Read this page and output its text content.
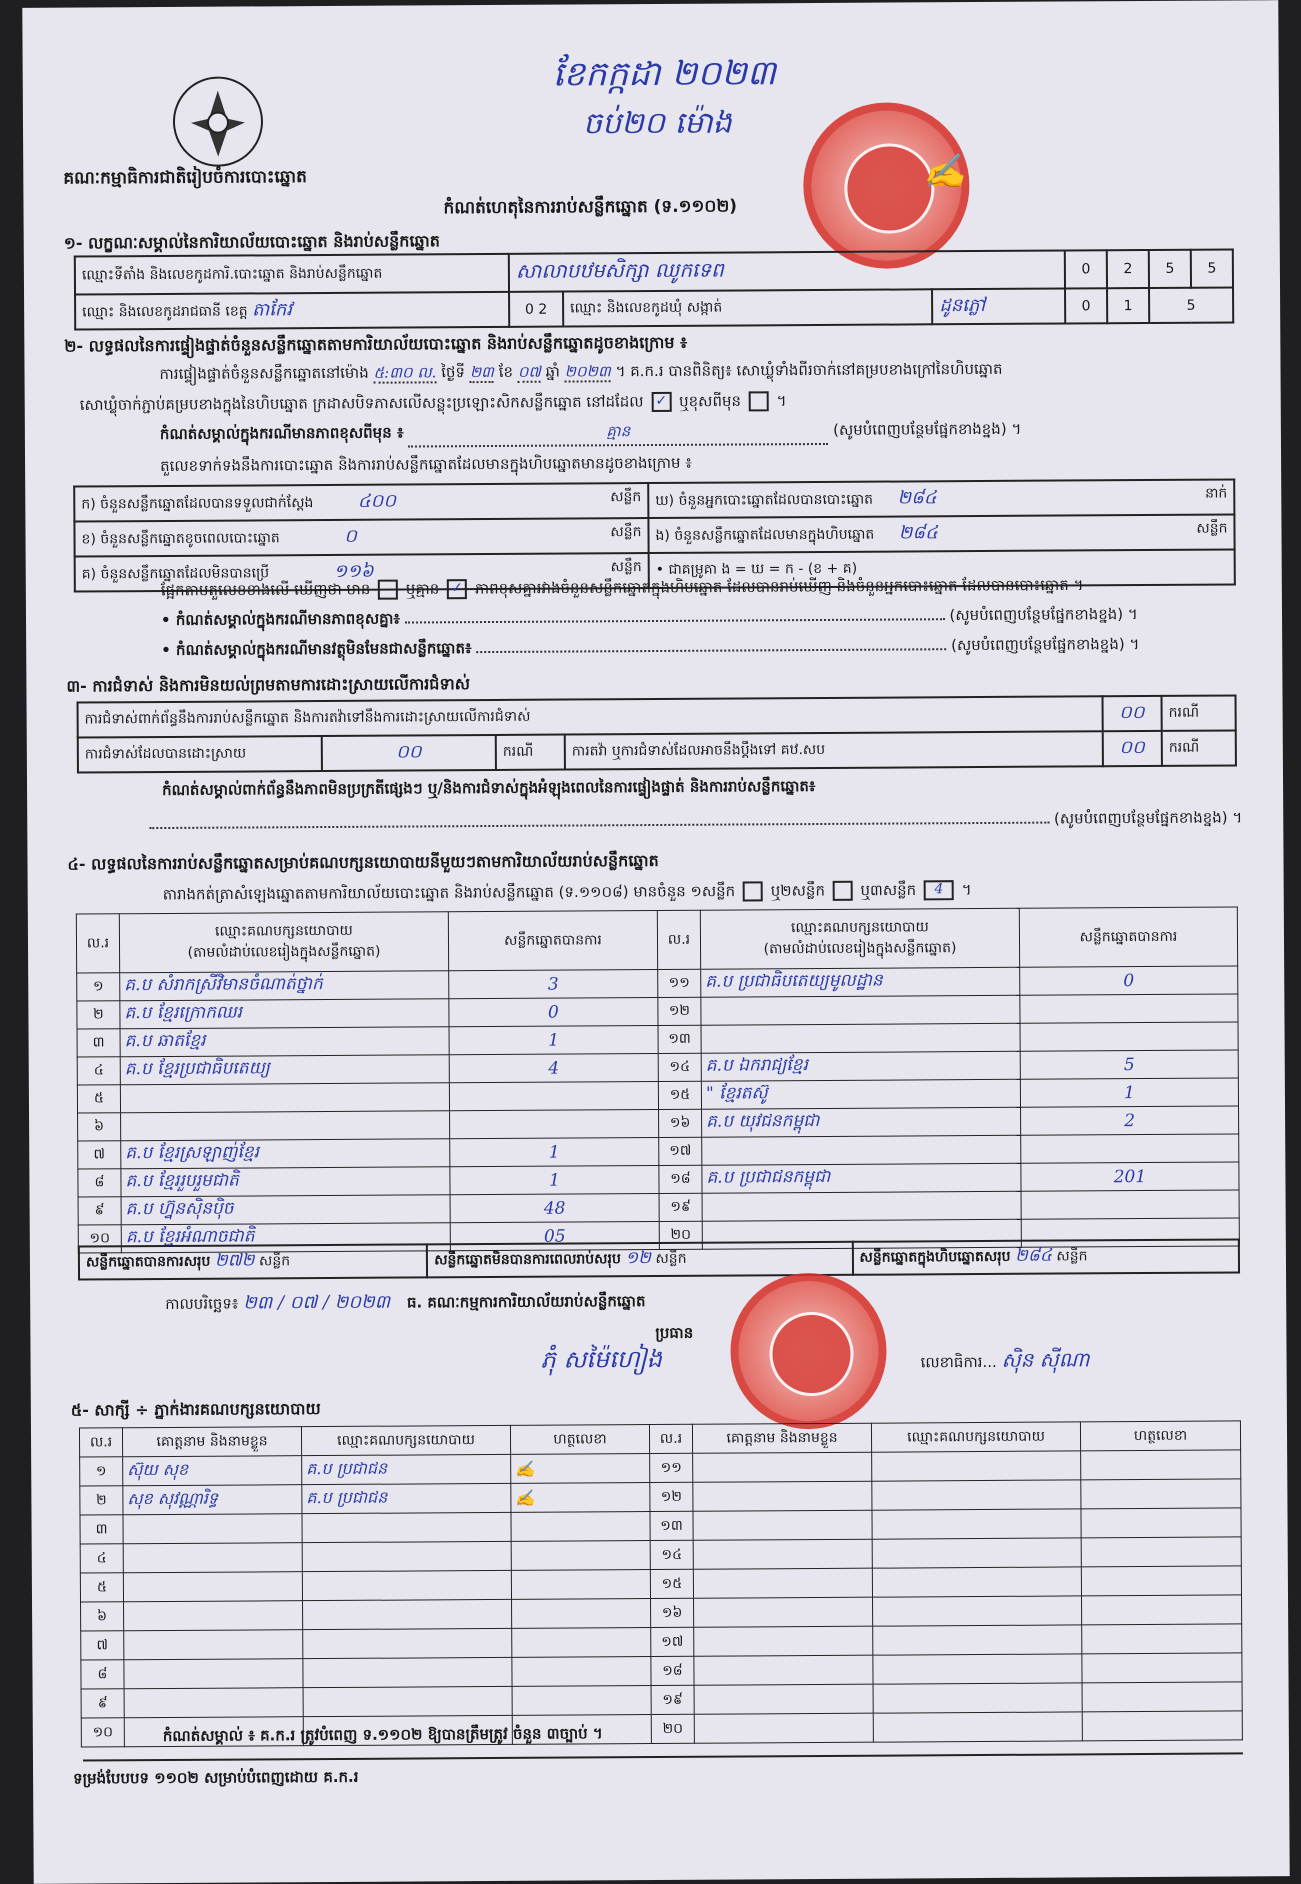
គណៈកម្មាធិការជាតិរៀបចំការបោះឆ្នោត
ខែកក្កដា ២០២៣
ចប់២០ ម៉ោង
✍
កំណត់ហេតុនៃការរាប់សន្លឹកឆ្នោត (ទ.១១០២)
១- លក្ខណៈសម្គាល់នៃការិយាល័យបោះឆ្នោត និងរាប់សន្លឹកឆ្នោត
ឈ្មោះទីតាំង និងលេខកូដការិ.បោះឆ្នោត និងរាប់សន្លឹកឆ្នោត	សាលាបឋមសិក្សា ឈូកទេព			0	2	5	5
ឈ្មោះ និងលេខកូដរាជធានី ខេត្ត តាកែវ	0 2	ឈ្មោះ និងលេខកូដឃុំ សង្កាត់	ដូនភ្លៅ	0	1	5	
២- លទ្ធផលនៃការផ្ទៀងផ្ទាត់ចំនួនសន្លឹកឆ្នោតតាមការិយាល័យបោះឆ្នោត និងរាប់សន្លឹកឆ្នោតដូចខាងក្រោម ៖
ការផ្ទៀងផ្ទាត់ចំនួនសន្លឹកឆ្នោតនៅម៉ោង ៥:៣០ ល. ថ្ងៃទី ២៣ ខែ ០៧ ឆ្នាំ ២០២៣ ។ គ.ក.រ បានពិនិត្យ៖ សោឃ្លុំទាំងពីរចាក់នៅគម្របខាងក្រៅនៃហិបឆ្នោត
សោឃ្លុំចាក់ភ្ជាប់គម្របខាងក្នុងនៃហិបឆ្នោត ក្រដាសបិទភាសលើសន្លុះប្រឡោះសិកសន្លឹកឆ្នោត នៅដដែល ✓ ឬខុសពីមុន  ។
កំណត់សម្គាល់ក្នុងករណីមានភាពខុសពីមុន ៖	គ្មាន	(សូមបំពេញបន្ថែមផ្នែកខាងខ្នង) ។
តួលេខទាក់ទងនឹងការបោះឆ្នោត និងការរាប់សន្លឹកឆ្នោតដែលមានក្នុងហិបឆ្នោតមានដូចខាងក្រោម ៖
ក) ចំនួនសន្លឹកឆ្នោតដែលបានទទួលជាក់ស្តែង ៤០០ សន្លឹក	ឃ) ចំនួនអ្នកបោះឆ្នោតដែលបានបោះឆ្នោត ២៨៤ នាក់

ខ) ចំនួនសន្លឹកឆ្នោតខូចពេលបោះឆ្នោត ០ សន្លឹក	ង) ចំនួនសន្លឹកឆ្នោតដែលមានក្នុងហិបឆ្នោត ២៨៤ សន្លឹក

គ) ចំនួនសន្លឹកឆ្នោតដែលមិនបានប្រើ ១១៦ សន្លឹក	• ជាគម្រូគា ង = ឃ = ក - (ខ + គ)
ផ្អែកតាមតួលេខខាងលើ ឃើញថា មាន ឬគ្មាន ✓ ភាពខុសគ្នារវាងចំនួនសន្លឹកឆ្នោតក្នុងហិបឆ្នោត ដែលបានរាប់ឃើញ និងចំនួនអ្នកបោះឆ្នោត ដែលបានបោះឆ្នោត ។
• កំណត់សម្គាល់ក្នុងករណីមានភាពខុសគ្នា៖	(សូមបំពេញបន្ថែមផ្នែកខាងខ្នង) ។
• កំណត់សម្គាល់ក្នុងករណីមានវត្ថុមិនមែនជាសន្លឹកឆ្នោត៖	(សូមបំពេញបន្ថែមផ្នែកខាងខ្នង) ។
៣- ការជំទាស់ និងការមិនយល់ព្រមតាមការដោះស្រាយលើការជំទាស់
ការជំទាស់ពាក់ព័ន្ធនឹងការរាប់សន្លឹកឆ្នោត និងការតវ៉ាទៅនឹងការដោះស្រាយលើការជំទាស់				០០	ករណី
ការជំទាស់ដែលបានដោះស្រាយ	០០	ករណី	ការតវ៉ា ឬការជំទាស់ដែលអាចនឹងប្តឹងទៅ គឋ.សប	០០	ករណី
កំណត់សម្គាល់ពាក់ព័ន្ធនឹងភាពមិនប្រក្រតីផ្សេងៗ ឬ/និងការជំទាស់ក្នុងអំឡុងពេលនៃការផ្ទៀងផ្ទាត់ និងការរាប់សន្លឹកឆ្នោត៖
(សូមបំពេញបន្ថែមផ្នែកខាងខ្នង) ។
៤- លទ្ធផលនៃការរាប់សន្លឹកឆ្នោតសម្រាប់គណបក្សនយោបាយនីមួយៗតាមការិយាល័យរាប់សន្លឹកឆ្នោត
តារាងកត់ត្រាសំឡេងឆ្នោតតាមការិយាល័យបោះឆ្នោត និងរាប់សន្លឹកឆ្នោត (ទ.១១០៨) មានចំនួន ១សន្លឹក ឬ២សន្លឹក ឬ៣សន្លឹក 4 ។
ល.រ	ឈ្មោះគណបក្សនយោបាយ
(តាមលំដាប់លេខរៀងក្នុងសន្លឹកឆ្នោត)	សន្លឹកឆ្នោតបានការ	ល.រ	ឈ្មោះគណបក្សនយោបាយ
(តាមលំដាប់លេខរៀងក្នុងសន្លឹកឆ្នោត)	សន្លឹកឆ្នោតបានការ
១	គ.ប សំរាកស្រីវិមានចំណាត់ថ្នាក់	3	១១	គ.ប ប្រជាធិបតេយ្យមូលដ្ឋាន	0
២	គ.ប ខ្មែរក្រោកឈរ	0	១២		
៣	គ.ប ឆាតខ្មែរ	1	១៣		
៤	គ.ប ខ្មែរប្រជាធិបតេយ្យ	4	១៤	គ.ប ឯករាជ្យខ្មែរ	5
៥			១៥	" ខ្មែរតស៊ូ	1
៦			១៦	គ.ប យុវជនកម្ពុជា	2
៧	គ.ប ខ្មែរស្រឡាញ់ខ្មែរ	1	១៧		
៨	គ.ប ខ្មែររួបរួមជាតិ	1	១៨	គ.ប ប្រជាជនកម្ពុជា	201
៩	គ.ប ហ្វ៊ុនស៊ិនប៉ិច	48	១៩		
១០	គ.ប ខ្មែរអំណាចជាតិ	05	២០		
សន្លឹកឆ្នោតបានការសរុប ២៧២ សន្លឹក	សន្លឹកឆ្នោតមិនបានការពេលរាប់សរុប ១២ សន្លឹក	សន្លឹកឆ្នោតក្នុងហិបឆ្នោតសរុប ២៨៤ សន្លឹក
កាលបរិច្ឆេទ៖ ២៣ / ០៧ / ២០២៣ ធ. គណៈកម្មការការិយាល័យរាប់សន្លឹកឆ្នោត
ប្រធាន
ភុំ សម៉ៃហៀង	លេខាធិការ... ស៊ិន ស៊ីណា
៥- សាក្សី ÷ ភ្នាក់ងារគណបក្សនយោបាយ
ល.រ	គោត្តនាម និងនាមខ្លួន	ឈ្មោះគណបក្សនយោបាយ	ហត្ថលេខា	ល.រ	គោត្តនាម និងនាមខ្លួន	ឈ្មោះគណបក្សនយោបាយ	ហត្ថលេខា
១	ស៊ុយ សុខ	គ.ប ប្រជាជន	✍	១១			
២	សុខ សុវណ្ណារិទ្ធ	គ.ប ប្រជាជន	✍	១២			
៣				១៣			
៤				១៤			
៥				១៥			
៦				១៦			
៧				១៧			
៨				១៨			
៩				១៩			
១០				២០			
កំណត់សម្គាល់ ៖ គ.ក.រ ត្រូវបំពេញ ទ.១១០២ ឱ្យបានត្រឹមត្រូវ ចំនួន ៣ច្បាប់ ។
ទម្រង់បែបបទ ១១០២ សម្រាប់បំពេញដោយ គ.ក.រ
